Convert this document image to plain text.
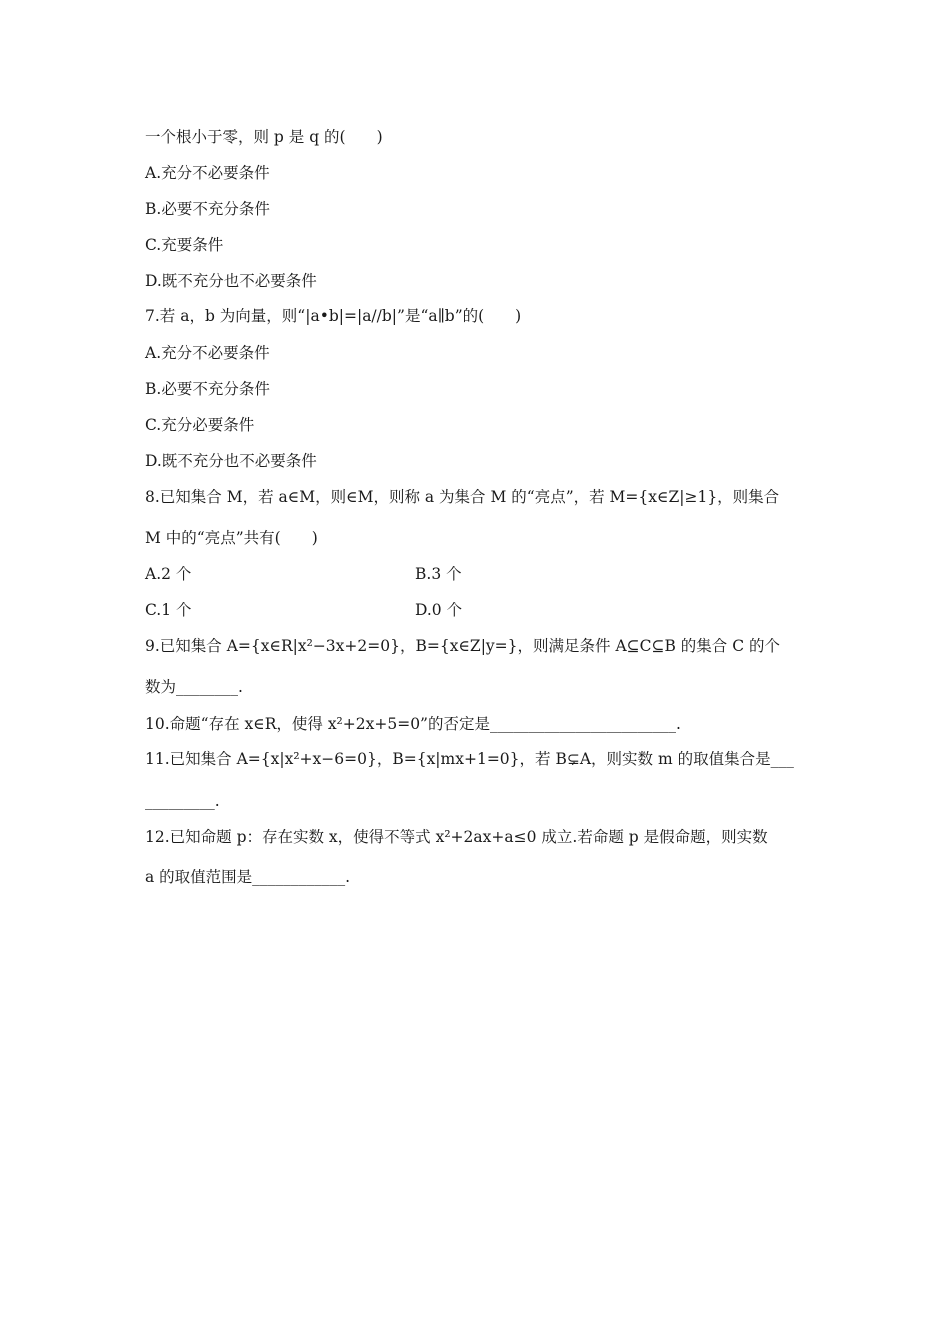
一个根小于零，则 p 是 q 的(　　)
A.充分不必要条件
B.必要不充分条件
C.充要条件
D.既不充分也不必要条件
7.若 a，b 为向量，则“|a•b|=|a//b|”是“a∥b”的(　　)
A.充分不必要条件
B.必要不充分条件
C.充分必要条件
D.既不充分也不必要条件
8.已知集合 M，若 a∈M，则∈M，则称 a 为集合 M 的“亮点”，若 M={x∈Z|≥1}，则集合
M 中的“亮点”共有(　　)
A.2 个	B.3 个
C.1 个	D.0 个
9.已知集合 A={x∈R|x²−3x+2=0}，B={x∈Z|y=}，则满足条件 A⊆C⊆B 的集合 C 的个
数为________.
10.命题“存在 x∈R，使得 x²+2x+5=0”的否定是________________________.
11.已知集合 A={x|x²+x−6=0}，B={x|mx+1=0}，若 B⊊A，则实数 m 的取值集合是___
_________.
12.已知命题 p：存在实数 x，使得不等式 x²+2ax+a≤0 成立.若命题 p 是假命题，则实数
a 的取值范围是____________.
